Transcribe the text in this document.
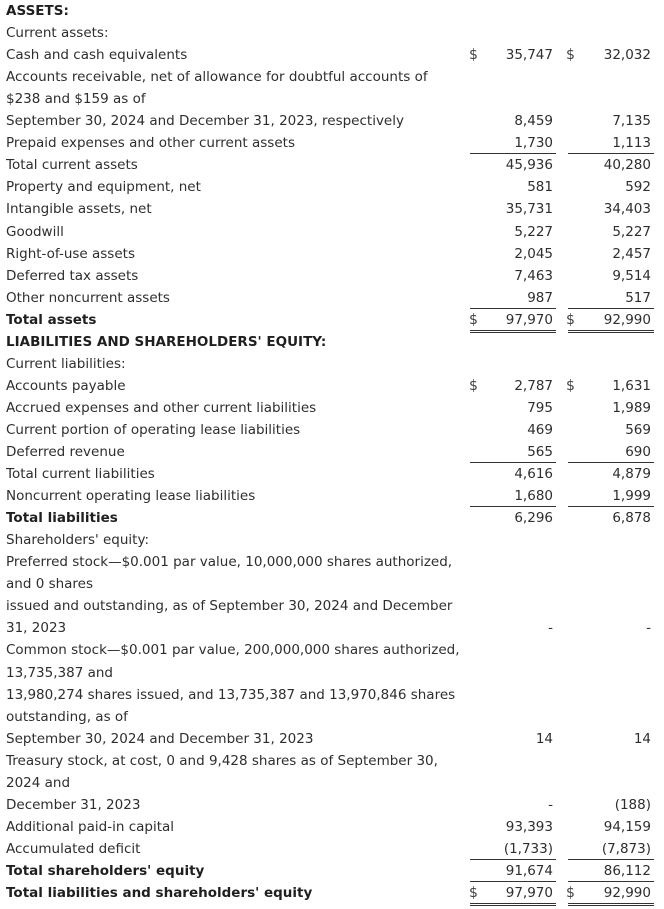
ASSETS:
Current assets:
Cash and cash equivalents	$ 35,747 $ 32,032
Accounts receivable, net of allowance for doubtful accounts of
$238 and $159 as of
September 30, 2024 and December 31, 2023, respectively	8,459	7,135
Prepaid expenses and other current assets	1,730	1,113
Total current assets	45,936	40,280
Property and equipment, net	581	592
Intangible assets, net	35,731	34,403
Goodwill	5,227	5,227
Right-of-use assets	2,045	2,457
Deferred tax assets	7,463	9,514
Other noncurrent assets	987	517
Total assets	$ 97,970 $ 92,990
LIABILITIES AND SHAREHOLDERS' EQUITY:
Current liabilities:
Accounts payable	$	2,787 $	1,631
Accrued expenses and other current liabilities	795	1,989
Current portion of operating lease liabilities	469	569
Deferred revenue	565	690
Total current liabilities	4,616	4,879
Noncurrent operating lease liabilities	1,680	1,999
Total liabilities	6,296	6,878
Shareholders' equity:
Preferred stock—$0.001 par value, 10,000,000 shares authorized,
and 0 shares
issued and outstanding, as of September 30, 2024 and December
31, 2023	-	-
Common stock—$0.001 par value, 200,000,000 shares authorized,
13,735,387 and
13,980,274 shares issued, and 13,735,387 and 13,970,846 shares
outstanding, as of
September 30, 2024 and December 31, 2023	14	14
Treasury stock, at cost, 0 and 9,428 shares as of September 30,
2024 and
December 31, 2023	-	(188)
Additional paid-in capital	93,393	94,159
Accumulated deficit	(1,733)	(7,873)
Total shareholders' equity	91,674	86,112
Total liabilities and shareholders' equity	$ 97,970 $ 92,990
